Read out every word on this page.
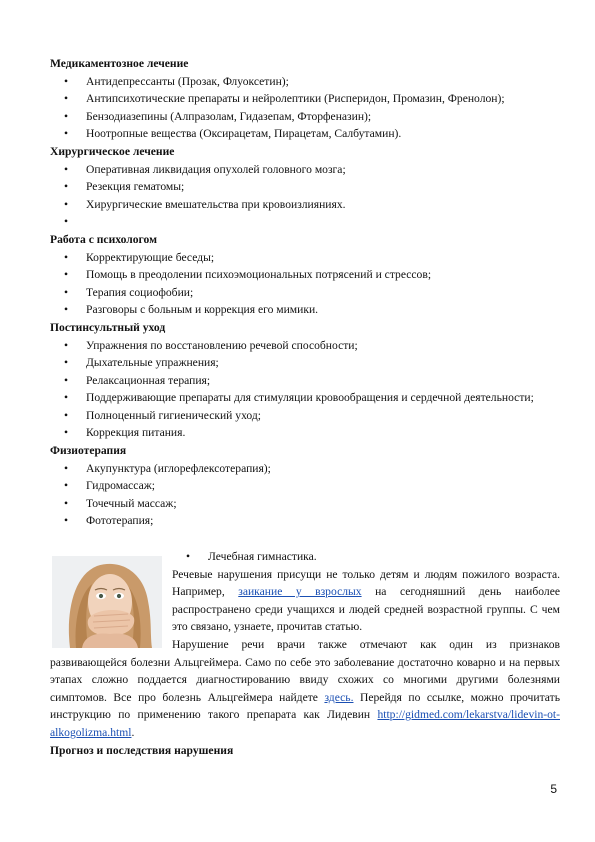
Медикаментозное лечение
• Антидепрессанты (Прозак, Флуоксетин);
• Антипсихотические препараты и нейролептики (Рисперидон, Промазин, Френолон);
• Бензодиазепины (Алпразолам, Гидазепам, Фторфеназин);
• Ноотропные вещества (Оксирацетам, Пирацетам, Салбутамин).
Хирургическое лечение
• Оперативная ликвидация опухолей головного мозга;
• Резекция гематомы;
• Хирургические вмешательства при кровоизлияниях.
•
Работа с психологом
• Корректирующие беседы;
• Помощь в преодолении психоэмоциональных потрясений и стрессов;
• Терапия социофобии;
• Разговоры с больным и коррекция его мимики.
Постинсультный уход
• Упражнения по восстановлению речевой способности;
• Дыхательные упражнения;
• Релаксационная терапия;
• Поддерживающие препараты для стимуляции кровообращения и сердечной деятельности;
• Полноценный гигиенический уход;
• Коррекция питания.
Физиотерапия
• Акупунктура (иглорефлексотерапия);
• Гидромассаж;
• Точечный массаж;
• Фототерапия;
• Лечебная гимнастика.

Речевые нарушения присущи не только детям и людям пожилого возраста. Например, заикание у взрослых на сегодняшний день наиболее распространено среди учащихся и людей средней возрастной группы. С чем это связано, узнаете, прочитав статью.

Нарушение речи врачи также отмечают как один из признаков развивающейся болезни Альцгеймера. Само по себе это заболевание достаточно коварно и на первых этапах сложно поддается диагностированию ввиду схожих со многими другими болезнями симптомов. Все про болезнь Альцгеймера найдете здесь. Перейдя по ссылке, можно прочитать инструкцию по применению такого препарата как Лидевин http://gidmed.com/lekarstva/lidevin-ot-alkogolizma.html.

Прогноз и последствия нарушения
5
